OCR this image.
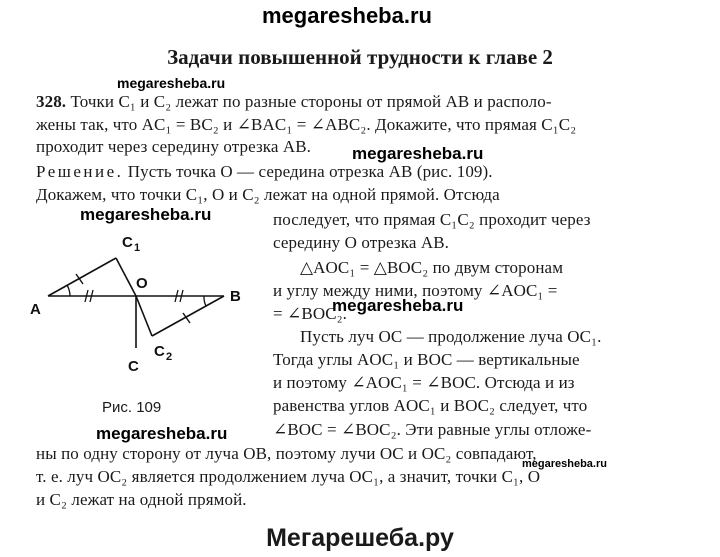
megaresheba.ru
Задачи повышенной трудности к главе 2
megaresheba.ru
328. Точки C₁ и C₂ лежат по разные стороны от прямой AB и располо-
жены так, что AC₁ = BC₂ и ∠BAC₁ = ∠ABC₂. Докажите, что прямая C₁C₂
проходит через середину отрезка AB. megaresheba.ru
Решение. Пусть точка O — середина отрезка AB (рис. 109).
Докажем, что точки C₁, O и C₂ лежат на одной прямой. Отсюда
megaresheba.ru	последует, что прямая C₁C₂ проходит через
середину O отрезка AB.
△AOC₁ = △BOC₂ по двум сторонам
и углу между ними, поэтому ∠AOC₁ =
= ∠BOC₂.
megaresheba.ru
Пусть луч OC — продолжение луча OC₁.
Тогда углы AOC₁ и BOC — вертикальные
и поэтому ∠AOC₁ = ∠BOC. Отсюда и из
равенства углов AOC₁ и BOC₂ следует, что
∠BOC = ∠BOC₂. Эти равные углы отложе-
A
B
O
C
C 1
C 2
Рис. 109
megaresheba.ru
ны по одну сторону от луча OB, поэтому лучи OC и OC₂ совпадают,
megaresheba.ru
т. е. луч OC₂ является продолжением луча OC₁, а значит, точки C₁, O
и C₂ лежат на одной прямой.
Мегарешеба.ру
